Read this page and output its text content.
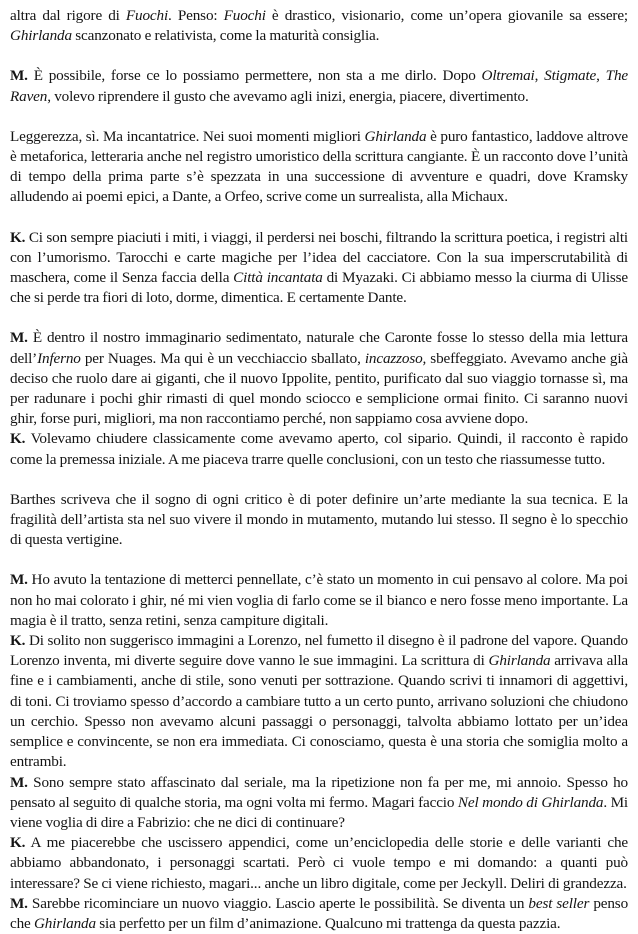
altra dal rigore di Fuochi. Penso: Fuochi è drastico, visionario, come un’opera giovanile sa essere; Ghirlanda scanzonato e relativista, come la maturità consiglia.

M. È possibile, forse ce lo possiamo permettere, non sta a me dirlo. Dopo Oltremai, Stigmate, The Raven, volevo riprendere il gusto che avevamo agli inizi, energia, piacere, divertimento.

Leggerezza, sì. Ma incantatrice. Nei suoi momenti migliori Ghirlanda è puro fantastico, laddove altrove è metaforica, letteraria anche nel registro umoristico della scrittura cangiante. È un racconto dove l’unità di tempo della prima parte s’è spezzata in una successione di avventure e quadri, dove Kramsky alludendo ai poemi epici, a Dante, a Orfeo, scrive come un surrealista, alla Michaux.

K. Ci son sempre piaciuti i miti, i viaggi, il perdersi nei boschi, filtrando la scrittura poetica, i registri alti con l’umorismo. Tarocchi e carte magiche per l’idea del cacciatore. Con la sua imperscrutabilità di maschera, come il Senza faccia della Città incantata di Myazaki. Ci abbiamo messo la ciurma di Ulisse che si perde tra fiori di loto, dorme, dimentica. E certamente Dante.

M. È dentro il nostro immaginario sedimentato, naturale che Caronte fosse lo stesso della mia lettura dell’Inferno per Nuages. Ma qui è un vecchiaccio sballato, incazzoso, sbeffeggiato. Avevamo anche già deciso che ruolo dare ai giganti, che il nuovo Ippolite, pentito, purificato dal suo viaggio tornasse sì, ma per radunare i pochi ghir rimasti di quel mondo sciocco e semplicione ormai finito. Ci saranno nuovi ghir, forse puri, migliori, ma non raccontiamo perché, non sappiamo cosa avviene dopo.

K. Volevamo chiudere classicamente come avevamo aperto, col sipario. Quindi, il racconto è rapido come la premessa iniziale. A me piaceva trarre quelle conclusioni, con un testo che riassumesse tutto.

Barthes scriveva che il sogno di ogni critico è di poter definire un’arte mediante la sua tecnica. E la fragilità dell’artista sta nel suo vivere il mondo in mutamento, mutando lui stesso. Il segno è lo specchio di questa vertigine.

M. Ho avuto la tentazione di metterci pennellate, c’è stato un momento in cui pensavo al colore. Ma poi non ho mai colorato i ghir, né mi vien voglia di farlo come se il bianco e nero fosse meno importante. La magia è il tratto, senza retini, senza campiture digitali.

K. Di solito non suggerisco immagini a Lorenzo, nel fumetto il disegno è il padrone del vapore. Quando Lorenzo inventa, mi diverte seguire dove vanno le sue immagini. La scrittura di Ghirlanda arrivava alla fine e i cambiamenti, anche di stile, sono venuti per sottrazione. Quando scrivi ti innamori di aggettivi, di toni. Ci troviamo spesso d’accordo a cambiare tutto a un certo punto, arrivano soluzioni che chiudono un cerchio. Spesso non avevamo alcuni passaggi o personaggi, talvolta abbiamo lottato per un’idea semplice e convincente, se non era immediata. Ci conosciamo, questa è una storia che somiglia molto a entrambi.

M. Sono sempre stato affascinato dal seriale, ma la ripetizione non fa per me, mi annoio. Spesso ho pensato al seguito di qualche storia, ma ogni volta mi fermo. Magari faccio Nel mondo di Ghirlanda. Mi viene voglia di dire a Fabrizio: che ne dici di continuare?

K. A me piacerebbe che uscissero appendici, come un’enciclopedia delle storie e delle varianti che abbiamo abbandonato, i personaggi scartati. Però ci vuole tempo e mi domando: a quanti può interessare? Se ci viene richiesto, magari... anche un libro digitale, come per Jeckyll. Deliri di grandezza.

M. Sarebbe ricominciare un nuovo viaggio. Lascio aperte le possibilità. Se diventa un best seller penso che Ghirlanda sia perfetto per un film d’animazione. Qualcuno mi trattenga da questa pazzia.
